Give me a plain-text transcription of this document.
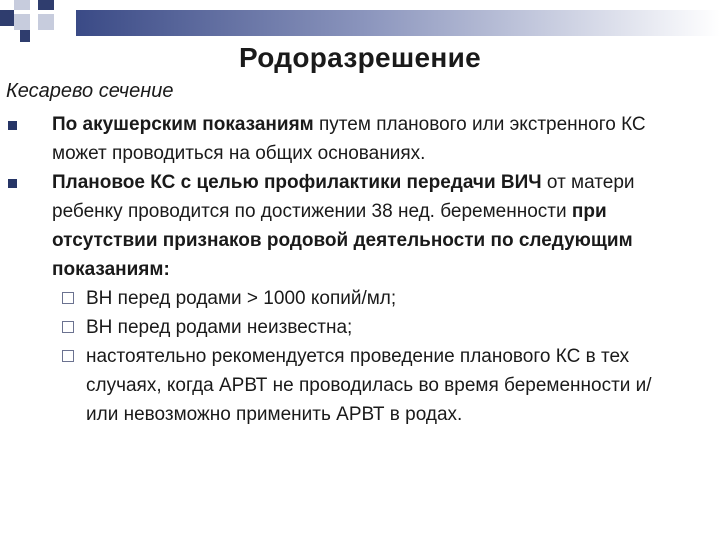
Родоразрешение
Кесарево сечение
По акушерским показаниям путем планового или экстренного КС может проводиться на общих основаниях.
Плановое КС с целью профилактики передачи ВИЧ от матери ребенку проводится по достижении 38 нед. беременности при отсутствии признаков родовой деятельности по следующим показаниям:
ВН перед родами > 1000 копий/мл;
ВН перед родами неизвестна;
настоятельно рекомендуется проведение планового КС в тех случаях, когда АРВТ не проводилась во время беременности и/или невозможно применить АРВТ в родах.
